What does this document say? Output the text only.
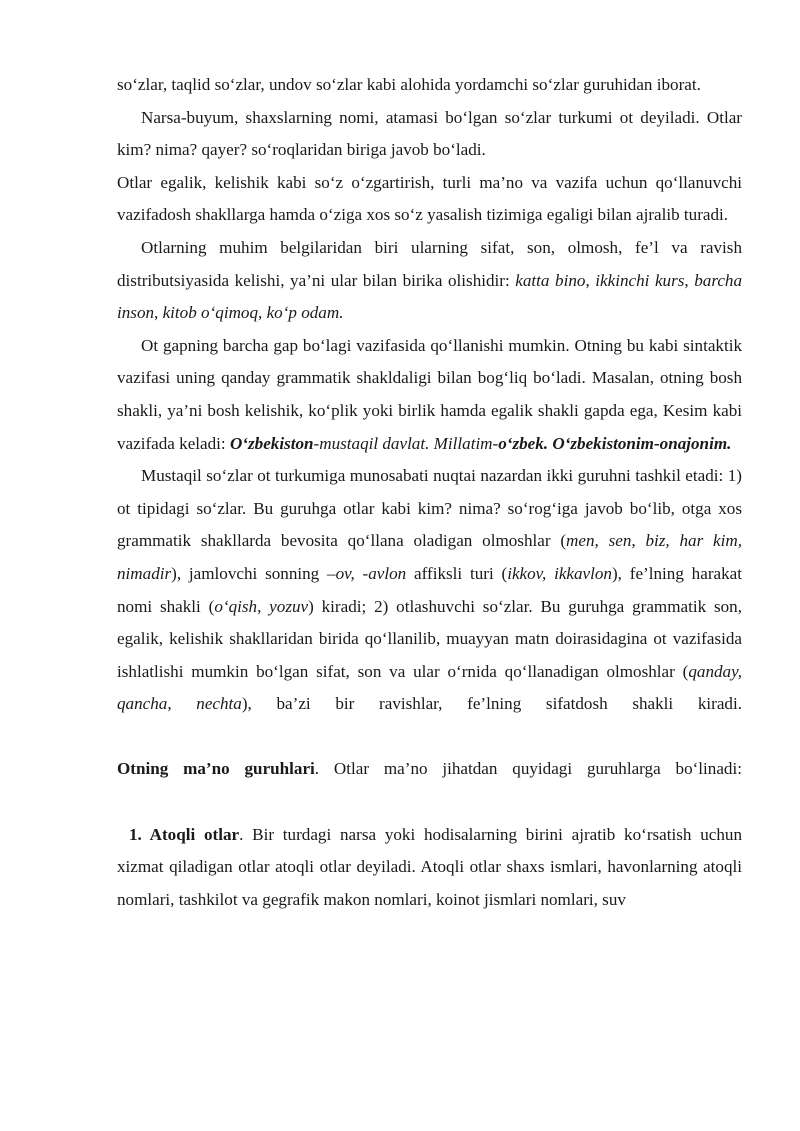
so‘zlar, taqlid so‘zlar, undov so‘zlar kabi alohida yordamchi so‘zlar guruhidan iborat.

Narsa-buyum, shaxslarning nomi, atamasi bo‘lgan so‘zlar turkumi ot deyiladi. Otlar kim? nima? qayer? so‘roqlaridan biriga javob bo‘ladi.

Otlar egalik, kelishik kabi so‘z o‘zgartirish, turli ma’no va vazifa uchun qo‘llanuvchi vazifadosh shakllarga hamda o‘ziga xos so‘z yasalish tizimiga egaligi bilan ajralib turadi.

Otlarning muhim belgilaridan biri ularning sifat, son, olmosh, fe’l va ravish distributsiyasida kelishi, ya’ni ular bilan birika olishidir: katta bino, ikkinchi kurs, barcha inson, kitob o‘qimoq, ko‘p odam.

Ot gapning barcha gap bo‘lagi vazifasida qo‘llanishi mumkin. Otning bu kabi sintaktik vazifasi uning qanday grammatik shakldaligi bilan bog‘liq bo‘ladi. Masalan, otning bosh shakli, ya’ni bosh kelishik, ko‘plik yoki birlik hamda egalik shakli gapda ega, Kesim kabi vazifada keladi: O‘zbekiston-mustaqil davlat. Millatim-o‘zbek. O‘zbekistonim-onajonim.

Mustaqil so‘zlar ot turkumiga munosabati nuqtai nazardan ikki guruhni tashkil etadi: 1) ot tipidagi so‘zlar. Bu guruhga otlar kabi kim? nima? so‘rog‘iga javob bo‘lib, otga xos grammatik shakllarda bevosita qo‘llana oladigan olmoshlar (men, sen, biz, har kim, nimadir), jamlovchi sonning –ov, -avlon affiksli turi (ikkov, ikkavlon), fe’lning harakat nomi shakli (o‘qish, yozuv) kiradi; 2) otlashuvchi so‘zlar. Bu guruhga grammatik son, egalik, kelishik shakllaridan birida qo‘llanilib, muayyan matn doirasidagina ot vazifasida ishlatlishi mumkin bo‘lgan sifat, son va ular o‘rnida qo‘llanadigan olmoshlar (qanday, qancha, nechta), ba’zi bir ravishlar, fe’lning sifatdosh shakli kiradi.

Otning ma’no guruhlari. Otlar ma’no jihatdan quyidagi guruhlarga bo‘linadi:

1. Atoqli otlar. Bir turdagi narsa yoki hodisalarning birini ajratib ko‘rsatish uchun xizmat qiladigan otlar atoqli otlar deyiladi. Atoqli otlar shaxs ismlari, havonlarning atoqli nomlari, tashkilot va gegrafik makon nomlari, koinot jismlari nomlari, suv
